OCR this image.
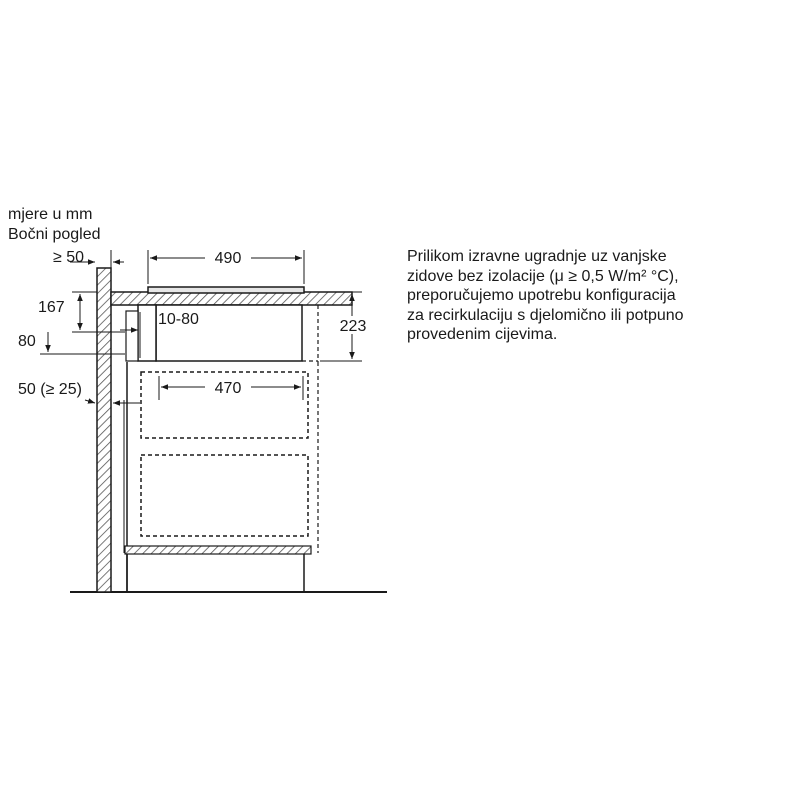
mjere u mm
Bočni pogled
≥ 50	490
223
167
10-80
80
470
50 (≥ 25)

Prilikom izravne ugradnje uz vanjske

zidove bez izolacije (μ ≥ 0,5 W/m² °C),

preporučujemo upotrebu konfiguracija

za recirkulaciju s djelomično ili potpuno

provedenim cijevima.
